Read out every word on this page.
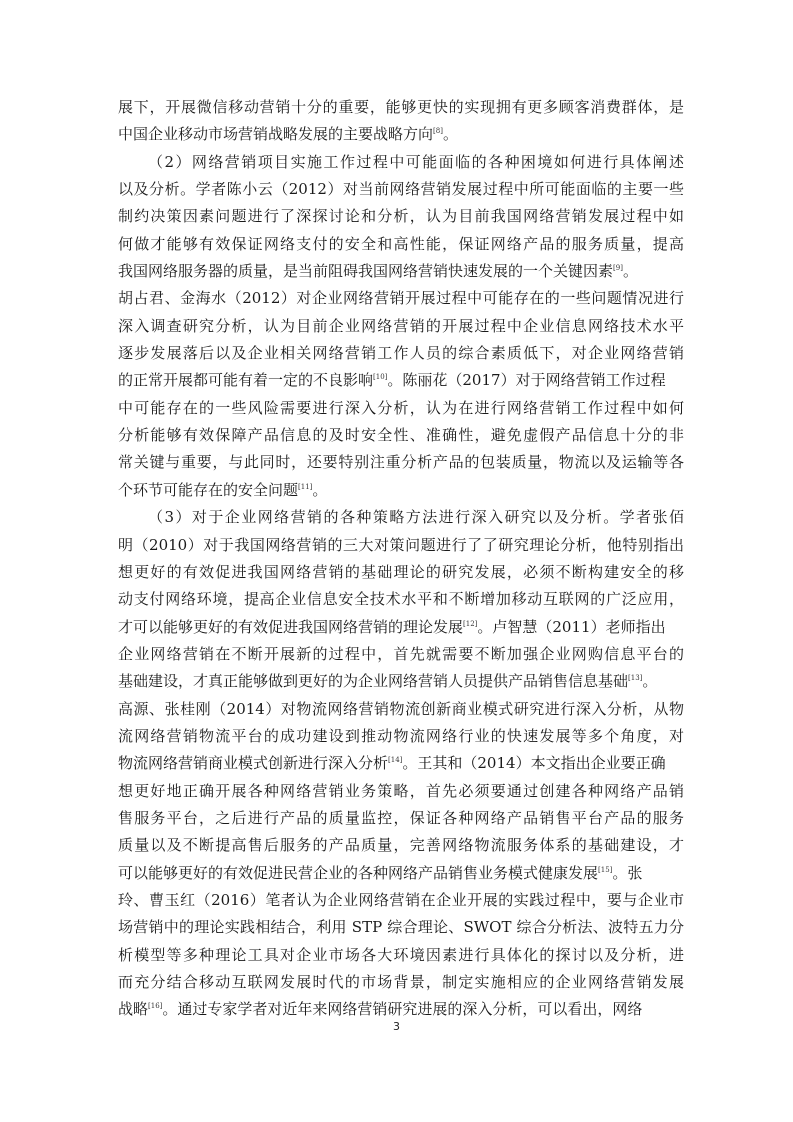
展下，开展微信移动营销十分的重要，能够更快的实现拥有更多顾客消费群体，是
中国企业移动市场营销战略发展的主要战略方向[8]。
（2）网络营销项目实施工作过程中可能面临的各种困境如何进行具体阐述
以及分析。学者陈小云（2012）对当前网络营销发展过程中所可能面临的主要一些
制约决策因素问题进行了深探讨论和分析，认为目前我国网络营销发展过程中如
何做才能够有效保证网络支付的安全和高性能，保证网络产品的服务质量，提高
我国网络服务器的质量，是当前阻碍我国网络营销快速发展的一个关键因素[9]。
胡占君、金海水（2012）对企业网络营销开展过程中可能存在的一些问题情况进行
深入调查研究分析，认为目前企业网络营销的开展过程中企业信息网络技术水平
逐步发展落后以及企业相关网络营销工作人员的综合素质低下，对企业网络营销
的正常开展都可能有着一定的不良影响[10]。陈丽花（2017）对于网络营销工作过程
中可能存在的一些风险需要进行深入分析，认为在进行网络营销工作过程中如何
分析能够有效保障产品信息的及时安全性、准确性，避免虚假产品信息十分的非
常关键与重要，与此同时，还要特别注重分析产品的包装质量，物流以及运输等各
个环节可能存在的安全问题[11]。
（3）对于企业网络营销的各种策略方法进行深入研究以及分析。学者张佰
明（2010）对于我国网络营销的三大对策问题进行了了研究理论分析，他特别指出
想更好的有效促进我国网络营销的基础理论的研究发展，必须不断构建安全的移
动支付网络环境，提高企业信息安全技术水平和不断增加移动互联网的广泛应用，
才可以能够更好的有效促进我国网络营销的理论发展[12]。卢智慧（2011）老师指出
企业网络营销在不断开展新的过程中，首先就需要不断加强企业网购信息平台的
基础建设，才真正能够做到更好的为企业网络营销人员提供产品销售信息基础[13]。
高源、张桂刚（2014）对物流网络营销物流创新商业模式研究进行深入分析，从物
流网络营销物流平台的成功建设到推动物流网络行业的快速发展等多个角度，对
物流网络营销商业模式创新进行深入分析[14]。王其和（2014）本文指出企业要正确
想更好地正确开展各种网络营销业务策略，首先必须要通过创建各种网络产品销
售服务平台，之后进行产品的质量监控，保证各种网络产品销售平台产品的服务
质量以及不断提高售后服务的产品质量，完善网络物流服务体系的基础建设，才
可以能够更好的有效促进民营企业的各种网络产品销售业务模式健康发展[15]。张
玲、曹玉红（2016）笔者认为企业网络营销在企业开展的实践过程中，要与企业市
场营销中的理论实践相结合，利用 STP 综合理论、SWOT 综合分析法、波特五力分
析模型等多种理论工具对企业市场各大环境因素进行具体化的探讨以及分析，进
而充分结合移动互联网发展时代的市场背景，制定实施相应的企业网络营销发展
战略[16]。通过专家学者对近年来网络营销研究进展的深入分析，可以看出，网络
3
